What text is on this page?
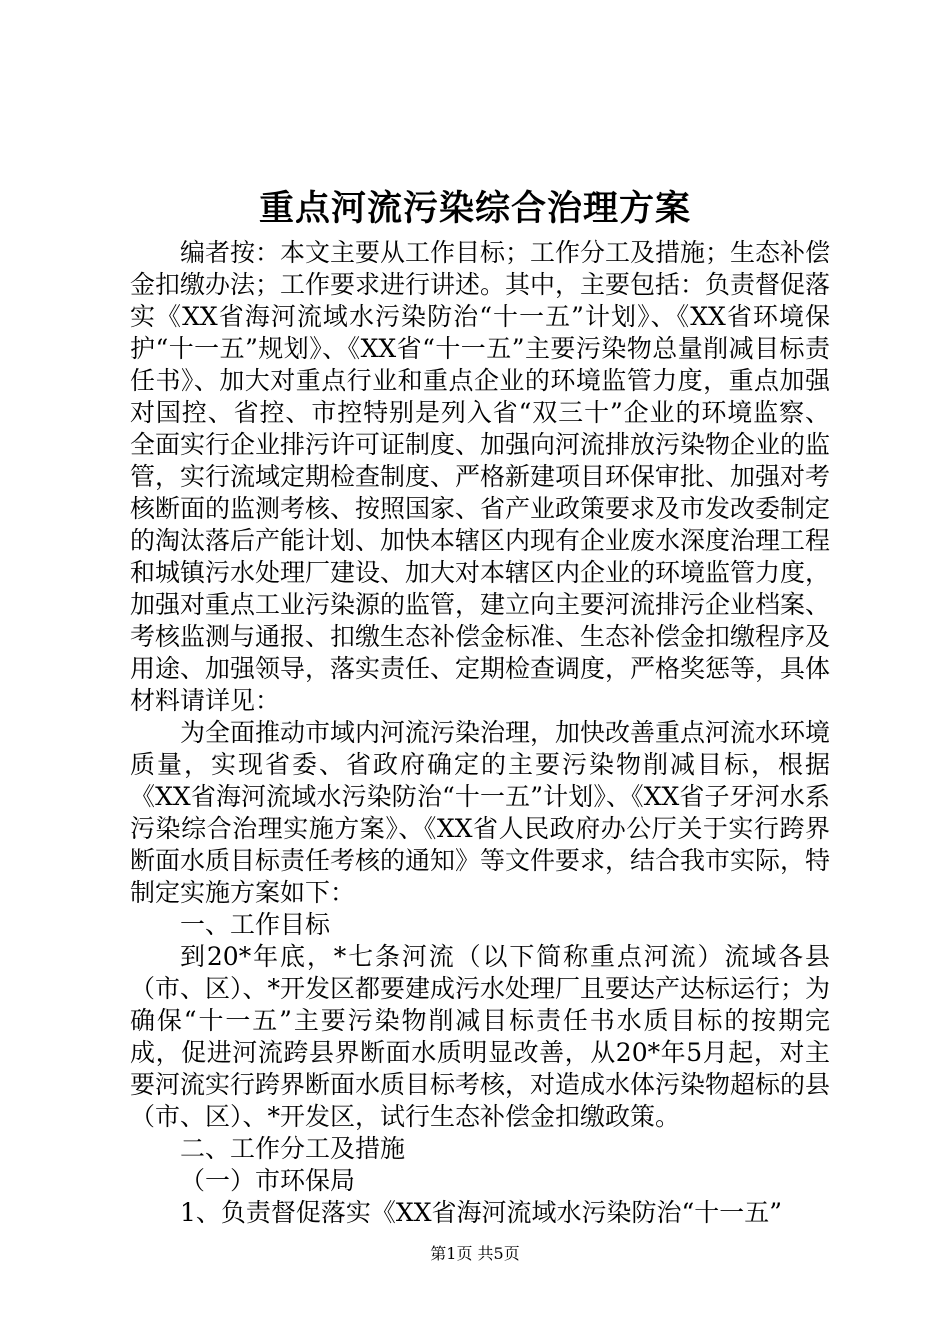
重点河流污染综合治理方案

编者按：本文主要从工作目标；工作分工及措施；生态补偿金扣缴办法；工作要求进行讲述。其中，主要包括：负责督促落实《XX省海河流域水污染防治“十一五”计划》、《XX省环境保护“十一五”规划》、《XX省“十一五”主要污染物总量削减目标责任书》、加大对重点行业和重点企业的环境监管力度，重点加强对国控、省控、市控特别是列入省“双三十”企业的环境监察、全面实行企业排污许可证制度、加强向河流排放污染物企业的监管，实行流域定期检查制度、严格新建项目环保审批、加强对考核断面的监测考核、按照国家、省产业政策要求及市发改委制定的淘汰落后产能计划、加快本辖区内现有企业废水深度治理工程和城镇污水处理厂建设、加大对本辖区内企业的环境监管力度，加强对重点工业污染源的监管，建立向主要河流排污企业档案、考核监测与通报、扣缴生态补偿金标准、生态补偿金扣缴程序及用途、加强领导，落实责任、定期检查调度，严格奖惩等，具体材料请详见：

为全面推动市域内河流污染治理，加快改善重点河流水环境质量，实现省委、省政府确定的主要污染物削减目标，根据《XX省海河流域水污染防治“十一五”计划》、《XX省子牙河水系污染综合治理实施方案》、《XX省人民政府办公厅关于实行跨界断面水质目标责任考核的通知》等文件要求，结合我市实际，特制定实施方案如下：

一、工作目标

到20*年底，*七条河流（以下简称重点河流）流域各县（市、区）、*开发区都要建成污水处理厂且要达产达标运行；为确保“十一五”主要污染物削减目标责任书水质目标的按期完成，促进河流跨县界断面水质明显改善，从20*年5月起，对主要河流实行跨界断面水质目标考核，对造成水体污染物超标的县（市、区）、*开发区，试行生态补偿金扣缴政策。

二、工作分工及措施

（一）市环保局

1、负责督促落实《XX省海河流域水污染防治“十一五”

第1页 共5页
